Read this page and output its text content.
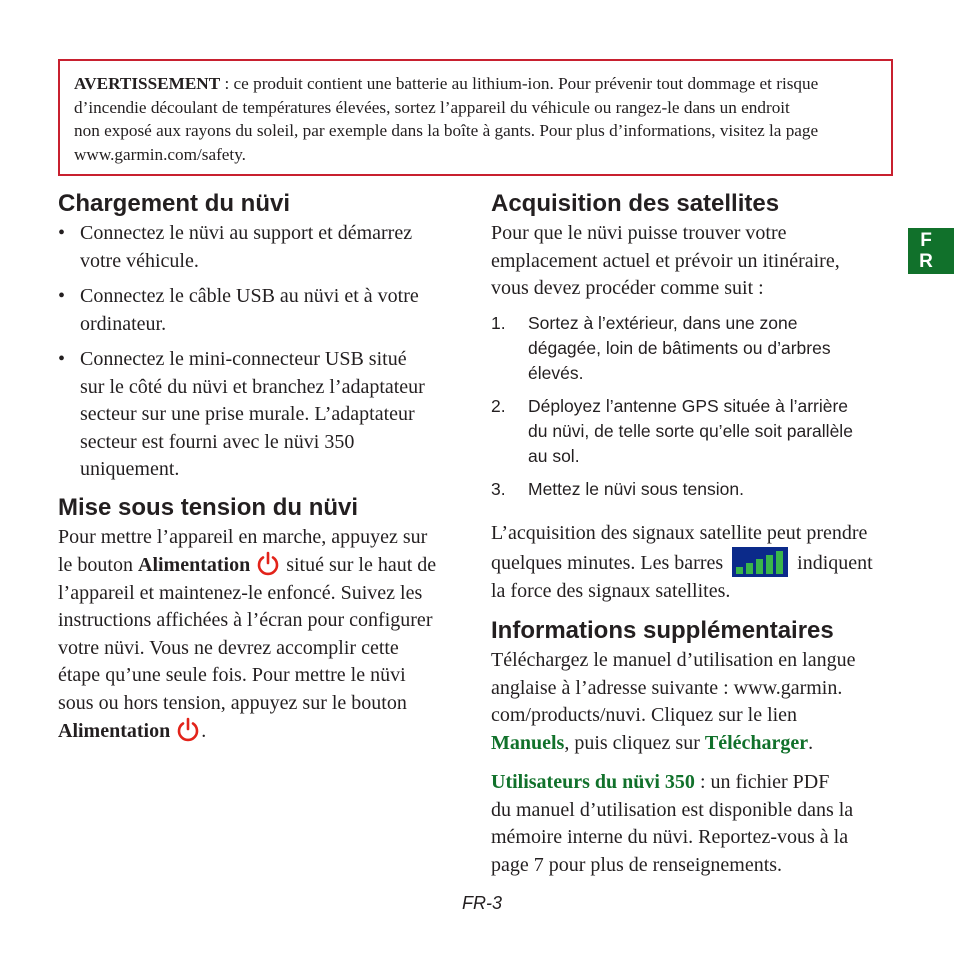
AVERTISSEMENT : ce produit contient une batterie au lithium-ion. Pour prévenir tout dommage et risque
d’incendie découlant de températures élevées, sortez l’appareil du véhicule ou rangez-le dans un endroit
non exposé aux rayons du soleil, par exemple dans la boîte à gants. Pour plus d’informations, visitez la page
www.garmin.com/safety.
Chargement du nüvi
• Connectez le nüvi au support et démarrez
votre véhicule.
• Connectez le câble USB au nüvi et à votre
ordinateur.
• Connectez le mini-connecteur USB situé
sur le côté du nüvi et branchez l’adaptateur
secteur sur une prise murale. L’adaptateur
secteur est fourni avec le nüvi 350
uniquement.
Mise sous tension du nüvi
Pour mettre l’appareil en marche, appuyez sur
le bouton Alimentation  situé sur le haut de
l’appareil et maintenez-le enfoncé. Suivez les
instructions affichées à l’écran pour configurer
votre nüvi. Vous ne devrez accomplir cette
étape qu’une seule fois. Pour mettre le nüvi
sous ou hors tension, appuyez sur le bouton
Alimentation .
Acquisition des satellites
Pour que le nüvi puisse trouver votre
emplacement actuel et prévoir un itinéraire,
vous devez procéder comme suit :
1. Sortez à l’extérieur, dans une zone
dégagée, loin de bâtiments ou d’arbres
élevés.
2. Déployez l’antenne GPS située à l’arrière
du nüvi, de telle sorte qu’elle soit parallèle
au sol.
3. Mettez le nüvi sous tension.
L’acquisition des signaux satellite peut prendre
quelques minutes. Les barres	indiquent
la force des signaux satellites.
Informations supplémentaires
Téléchargez le manuel d’utilisation en langue
anglaise à l’adresse suivante : www.garmin.
com/products/nuvi. Cliquez sur le lien
Manuels, puis cliquez sur Télécharger.
Utilisateurs du nüvi 350 : un fichier PDF
du manuel d’utilisation est disponible dans la
mémoire interne du nüvi. Reportez-vous à la
page 7 pour plus de renseignements.
F
R
FR-3
